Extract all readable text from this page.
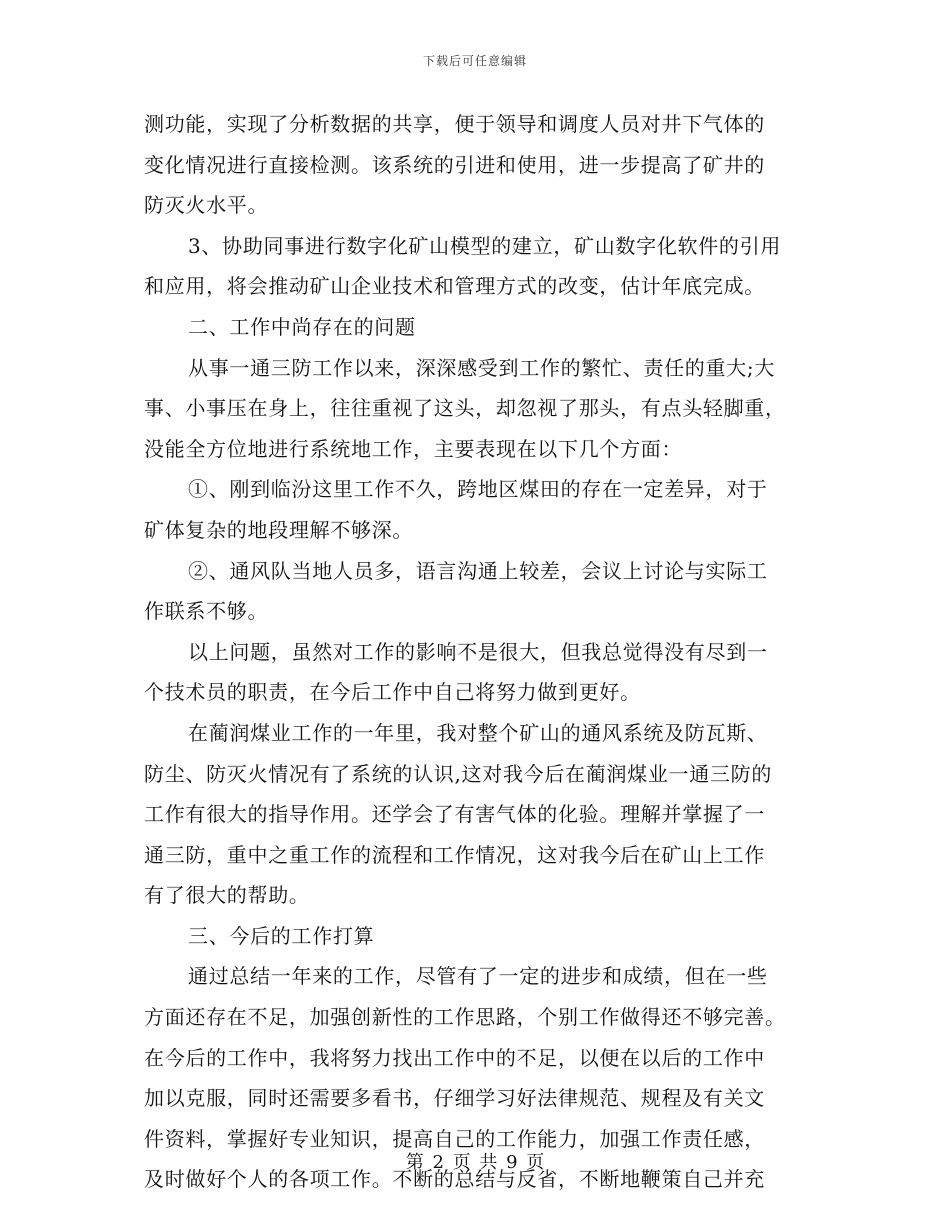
下载后可任意编辑
测功能，实现了分析数据的共享，便于领导和调度人员对井下气体的
变化情况进行直接检测。该系统的引进和使用，进一步提高了矿井的
防灭火水平。
3、协助同事进行数字化矿山模型的建立，矿山数字化软件的引用
和应用，将会推动矿山企业技术和管理方式的改变，估计年底完成。
二、工作中尚存在的问题
从事一通三防工作以来，深深感受到工作的繁忙、责任的重大;大
事、小事压在身上，往往重视了这头，却忽视了那头，有点头轻脚重，
没能全方位地进行系统地工作，主要表现在以下几个方面：
①、刚到临汾这里工作不久，跨地区煤田的存在一定差异，对于
矿体复杂的地段理解不够深。
②、通风队当地人员多，语言沟通上较差，会议上讨论与实际工
作联系不够。
以上问题，虽然对工作的影响不是很大，但我总觉得没有尽到一
个技术员的职责，在今后工作中自己将努力做到更好。
在蔺润煤业工作的一年里，我对整个矿山的通风系统及防瓦斯、
防尘、防灭火情况有了系统的认识,这对我今后在蔺润煤业一通三防的
工作有很大的指导作用。还学会了有害气体的化验。理解并掌握了一
通三防，重中之重工作的流程和工作情况，这对我今后在矿山上工作
有了很大的帮助。
三、今后的工作打算
通过总结一年来的工作，尽管有了一定的进步和成绩，但在一些
方面还存在不足，加强创新性的工作思路，个别工作做得还不够完善。
在今后的工作中，我将努力找出工作中的不足，以便在以后的工作中
加以克服，同时还需要多看书，仔细学习好法律规范、规程及有关文
件资料，掌握好专业知识，提高自己的工作能力，加强工作责任感，
及时做好个人的各项工作。不断的总结与反省，不断地鞭策自己并充
第 2 页 共 9 页
